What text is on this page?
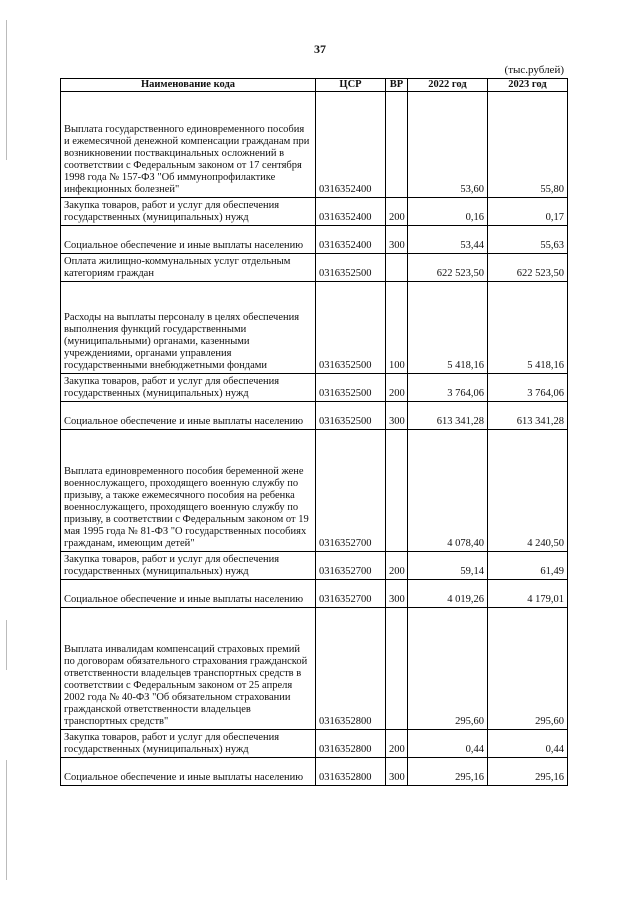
37
(тыс.рублей)
Наименование кода	ЦСР	ВР	2022 год	2023 год
Выплата государственного единовременного пособия и ежемесячной денежной компенсации гражданам при возникновении поствакцинальных осложнений в соответствии с Федеральным законом от 17 сентября 1998 года № 157-ФЗ "Об иммунопрофилактике инфекционных болезней"	0316352400		53,60	55,80
Закупка товаров, работ и услуг для обеспечения государственных (муниципальных) нужд	0316352400	200	0,16	0,17
Социальное обеспечение и иные выплаты населению	0316352400	300	53,44	55,63
Оплата жилищно-коммунальных услуг отдельным категориям граждан	0316352500		622 523,50	622 523,50
Расходы на выплаты персоналу в целях обеспечения выполнения функций государственными (муниципальными) органами, казенными учреждениями, органами управления государственными внебюджетными фондами	0316352500	100	5 418,16	5 418,16
Закупка товаров, работ и услуг для обеспечения государственных (муниципальных) нужд	0316352500	200	3 764,06	3 764,06
Социальное обеспечение и иные выплаты населению	0316352500	300	613 341,28	613 341,28
Выплата единовременного пособия беременной жене военнослужащего, проходящего военную службу по призыву, а также ежемесячного пособия на ребенка военнослужащего, проходящего военную службу по призыву, в соответствии с Федеральным законом от 19 мая 1995 года № 81-ФЗ "О государственных пособиях гражданам, имеющим детей"	0316352700		4 078,40	4 240,50
Закупка товаров, работ и услуг для обеспечения государственных (муниципальных) нужд	0316352700	200	59,14	61,49
Социальное обеспечение и иные выплаты населению	0316352700	300	4 019,26	4 179,01
Выплата инвалидам компенсаций страховых премий по договорам обязательного страхования гражданской ответственности владельцев транспортных средств в соответствии с Федеральным законом от 25 апреля 2002 года № 40-ФЗ "Об обязательном страховании гражданской ответственности владельцев транспортных средств"	0316352800		295,60	295,60
Закупка товаров, работ и услуг для обеспечения государственных (муниципальных) нужд	0316352800	200	0,44	0,44
Социальное обеспечение и иные выплаты населению	0316352800	300	295,16	295,16
